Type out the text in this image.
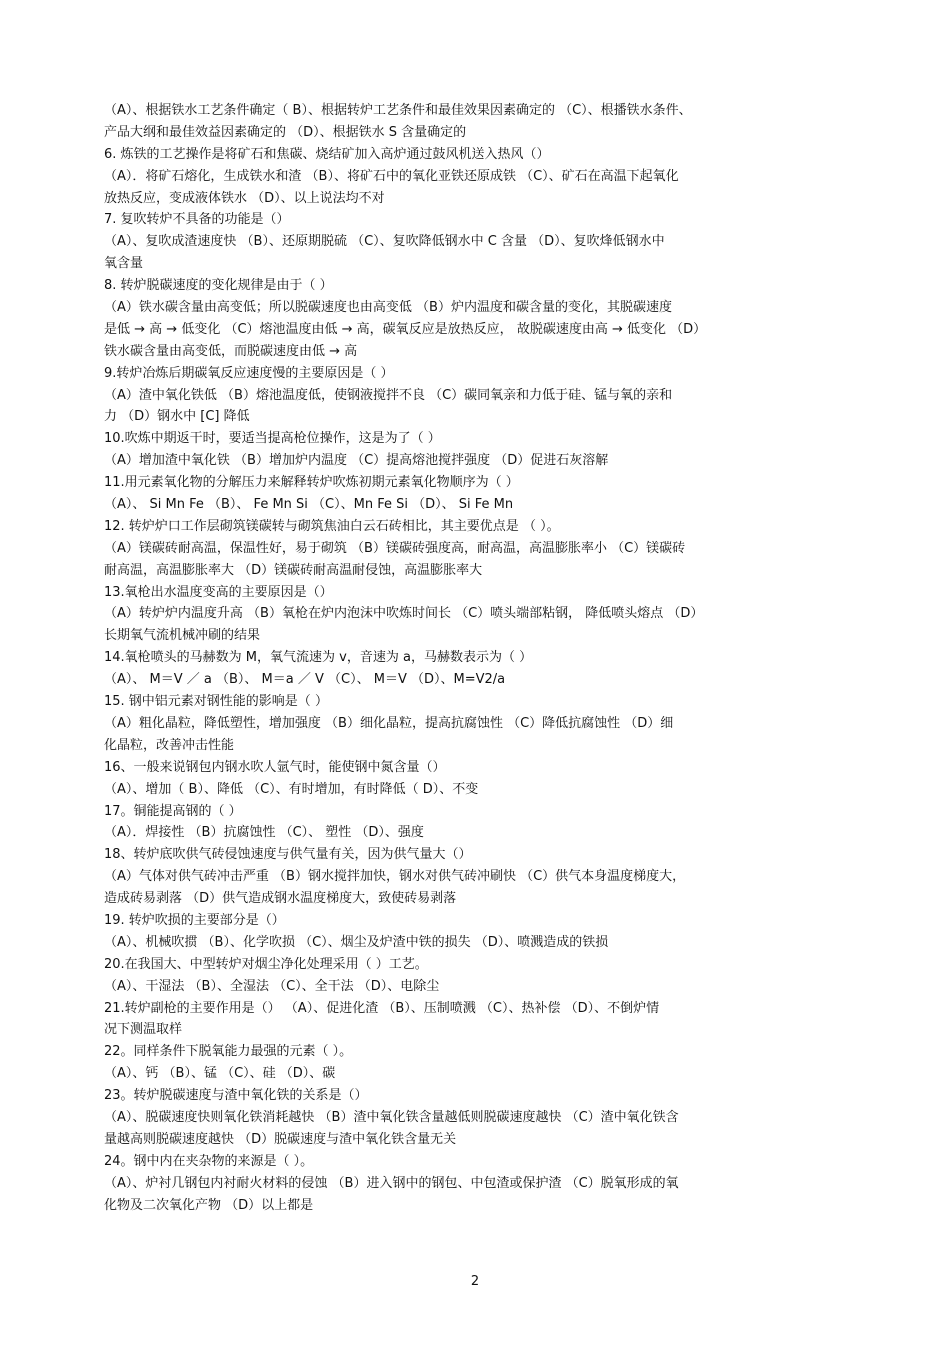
（A）、根据铁水工艺条件确定（ B）、根据转炉工艺条件和最佳效果因素确定的 （C）、根播铁水条件、
产品大纲和最佳效益因素确定的 （D）、根据铁水 S 含量确定的
6. 炼铁的工艺操作是将矿石和焦碳、烧结矿加入高炉通过鼓风机送入热风（）
（A）．将矿石熔化，生成铁水和渣 （B）、将矿石中的氧化亚铁还原成铁 （C）、矿石在高温下起氧化
放热反应，变成液体铁水 （D）、以上说法均不对
7. 复吹转炉不具备的功能是（）
（A）、复吹成渣速度快 （B）、还原期脱硫 （C）、复吹降低钢水中 C 含量 （D）、复吹烽低钢水中
氧含量
8. 转炉脱碳速度的变化规律是由于（ ）
（A）铁水碳含量由高变低；所以脱碳速度也由高变低 （B）炉内温度和碳含量的变化，其脱碳速度
是低 → 高 → 低变化 （C）熔池温度由低 → 高，碳氧反应是放热反应， 故脱碳速度由高 → 低变化 （D）
铁水碳含量由高变低，而脱碳速度由低 → 高
9.转炉冶炼后期碳氧反应速度慢的主要原因是（ ）
（A）渣中氧化铁低 （B）熔池温度低，使钢液搅拌不良 （C）碳同氧亲和力低于硅、锰与氧的亲和
力 （D）钢水中 [C] 降低
10.吹炼中期返干时，要适当提高枪位操作，这是为了（ ）
（A）增加渣中氧化铁 （B）增加炉内温度 （C）提高熔池搅拌强度 （D）促进石灰溶解
11.用元素氧化物的分解压力来解释转炉吹炼初期元素氧化物顺序为（ ）
（A）、 Si Mn Fe （B）、 Fe Mn Si （C）、Mn Fe Si （D）、 Si Fe Mn
12. 转炉炉口工作层砌筑镁碳转与砌筑焦油白云石砖相比，其主要优点是 （ ）。
（A）镁碳砖耐高温，保温性好，易于砌筑 （B）镁碳砖强度高，耐高温，高温膨胀率小 （C）镁碳砖
耐高温，高温膨胀率大 （D）镁碳砖耐高温耐侵蚀，高温膨胀率大
13.氧枪出水温度变高的主要原因是（）
（A）转炉炉内温度升高 （B）氧枪在炉内泡沫中吹炼时间长 （C）喷头端部粘钢， 降低喷头熔点 （D）
长期氧气流机械冲刷的结果
14.氧枪喷头的马赫数为 M，氧气流速为 v，音速为 a，马赫数表示为（ ）
（A）、 M＝V ／ a （B）、 M＝a ／ V （C）、 M＝V （D）、M=V2/a
15. 钢中铝元素对钢性能的影响是（ ）
（A）粗化晶粒，降低塑性，增加强度 （B）细化晶粒，提高抗腐蚀性 （C）降低抗腐蚀性 （D）细
化晶粒，改善冲击性能
16、一般来说钢包内钢水吹人氩气时，能使钢中氮含量（）
（A）、增加（ B）、降低 （C）、有时增加，有时降低（ D）、不变
17。铜能提高钢的（ ）
（A）．焊接性 （B）抗腐蚀性 （C）、 塑性 （D）、强度
18、转炉底吹供气砖侵蚀速度与供气量有关，因为供气量大（）
（A）气体对供气砖冲击严重 （B）钢水搅拌加快，钢水对供气砖冲刷快 （C）供气本身温度梯度大，
造成砖易剥落 （D）供气造成钢水温度梯度大，致使砖易剥落
19. 转炉吹损的主要部分是（）
（A）、机械吹掼 （B）、化学吹损 （C）、烟尘及炉渣中铁的损失 （D）、喷溅造成的铁损
20.在我国大、中型转炉对烟尘净化处理采用（ ）工艺。
（A）、干湿法 （B）、全湿法 （C）、全干法 （D）、电除尘
21.转炉副枪的主要作用是（） （A）、促进化渣 （B）、压制喷溅 （C）、热补偿 （D）、不倒炉情
况下测温取样
22。同样条件下脱氧能力最强的元素（ ）。
（A）、钙 （B）、锰 （C）、硅 （D）、碳
23。转炉脱碳速度与渣中氧化铁的关系是（）
（A）、脱碳速度快则氧化铁消耗越快 （B）渣中氧化铁含量越低则脱碳速度越快 （C）渣中氧化铁含
量越高则脱碳速度越快 （D）脱碳速度与渣中氧化铁含量无关
24。钢中内在夹杂物的来源是（ ）。
（A）、炉衬几钢包内衬耐火材料的侵蚀 （B）进入钢中的钢包、中包渣或保护渣 （C）脱氧形成的氧
化物及二次氧化产物 （D）以上都是
2
